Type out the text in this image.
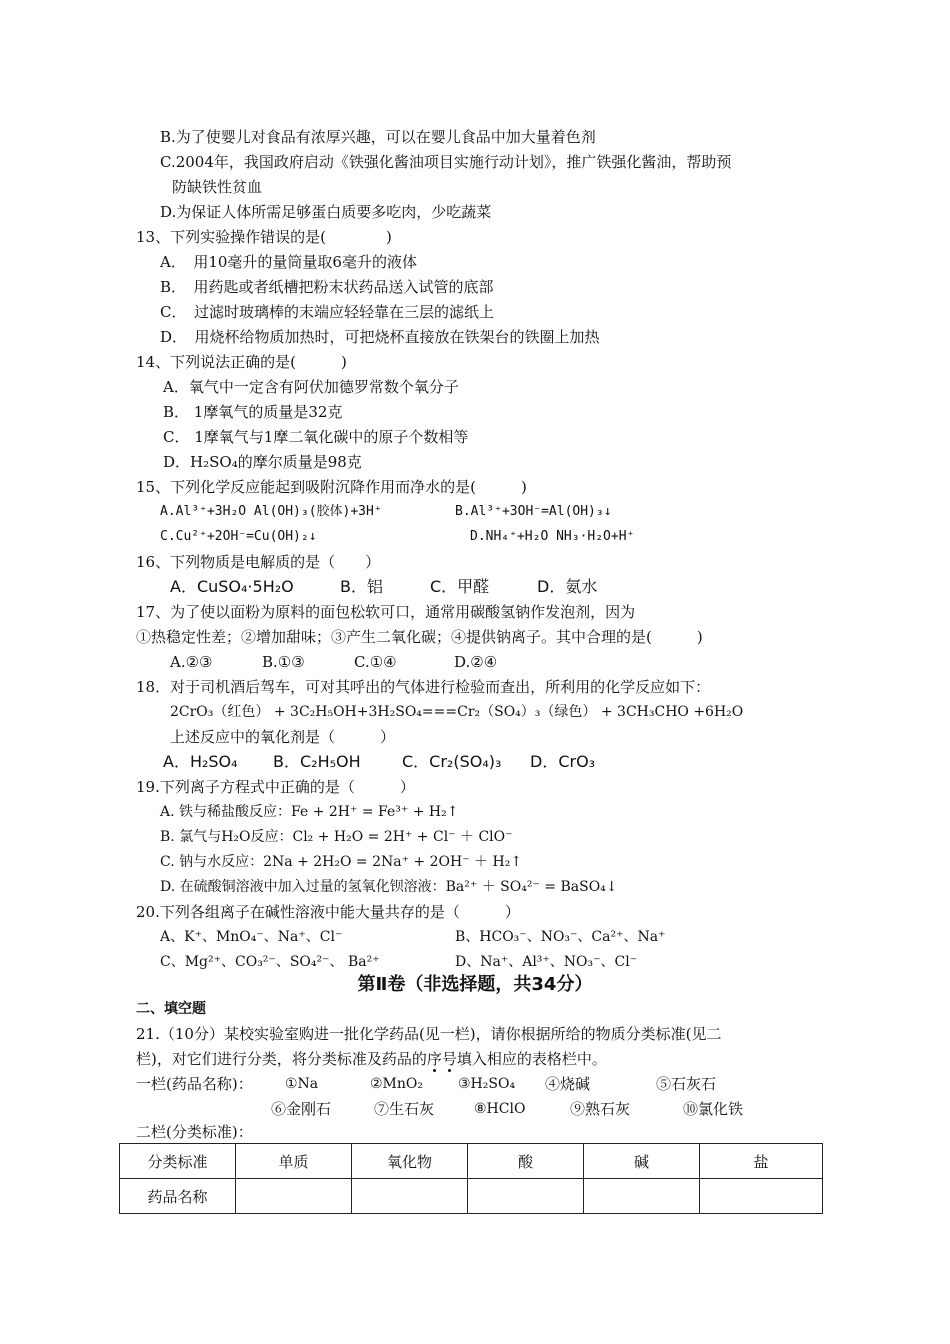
B.为了使婴儿对食品有浓厚兴趣，可以在婴儿食品中加大量着色剂
C.2004年，我国政府启动《铁强化酱油项目实施行动计划》，推广铁强化酱油，帮助预
防缺铁性贫血
D.为保证人体所需足够蛋白质要多吃肉，少吃蔬菜
13、下列实验操作错误的是(　　　　)
A．　用10毫升的量筒量取6毫升的液体
B．　用药匙或者纸槽把粉末状药品送入试管的底部
C．　过滤时玻璃棒的末端应轻轻靠在三层的滤纸上
D．　用烧杯给物质加热时，可把烧杯直接放在铁架台的铁圈上加热
14、下列说法正确的是(　　　)
A．氧气中一定含有阿伏加德罗常数个氧分子
B． 1摩氧气的质量是32克
C． 1摩氧气与1摩二氧化碳中的原子个数相等
D．H₂SO₄的摩尔质量是98克
15、下列化学反应能起到吸附沉降作用而净水的是(　　　)
A.Al³⁺+3H₂O Al(OH)₃(胶体)+3H⁺	B.Al³⁺+3OH⁻=Al(OH)₃↓
C.Cu²⁺+2OH⁻=Cu(OH)₂↓	D.NH₄⁺+H₂O NH₃·H₂O+H⁺
16、下列物质是电解质的是（　　）
A．CuSO₄·5H₂O	B．铝	C．甲醛	D．氨水
17、为了使以面粉为原料的面包松软可口，通常用碳酸氢钠作发泡剂，因为
①热稳定性差；②增加甜味；③产生二氧化碳；④提供钠离子。其中合理的是(　　　)
A.②③	B.①③	C.①④	D.②④
18．对于司机酒后驾车，可对其呼出的气体进行检验而查出，所利用的化学反应如下：
2CrO₃（红色） + 3C₂H₅OH+3H₂SO₄===Cr₂（SO₄）₃（绿色） + 3CH₃CHO +6H₂O
上述反应中的氧化剂是（　　　）
A．H₂SO₄ B．C₂H₅OH	C．Cr₂(SO₄)₃ D．CrO₃
19.下列离子方程式中正确的是（　　　）
A. 铁与稀盐酸反应：Fe + 2H⁺ = Fe³⁺ + H₂↑
B. 氯气与H₂O反应：Cl₂ + H₂O = 2H⁺ + Cl⁻ ＋ ClO⁻
C. 钠与水反应：2Na + 2H₂O = 2Na⁺ + 2OH⁻ ＋ H₂↑
D. 在硫酸铜溶液中加入过量的氢氧化钡溶液：Ba²⁺ ＋ SO₄²⁻ = BaSO₄↓
20.下列各组离子在碱性溶液中能大量共存的是（　　　）
A、K⁺、MnO₄⁻、Na⁺、Cl⁻	B、HCO₃⁻、NO₃⁻、Ca²⁺、Na⁺
C、Mg²⁺、CO₃²⁻、SO₄²⁻、 Ba²⁺	D、Na⁺、Al³⁺、NO₃⁻、Cl⁻
第Ⅱ卷（非选择题，共34分）
二、填空题
21.（10分）某校实验室购进一批化学药品(见一栏)，请你根据所给的物质分类标准(见二
栏)，对它们进行分类，将分类标准及药品的序号填入相应的表格栏中。
一栏(药品名称)： ①Na	②MnO₂	③H₂SO₄ ④烧碱	⑤石灰石
⑥金刚石	⑦生石灰	⑧HClO	⑨熟石灰	⑩氯化铁
二栏(分类标准)：
分类标准	单质	氧化物	酸	碱	盐
药品名称					
